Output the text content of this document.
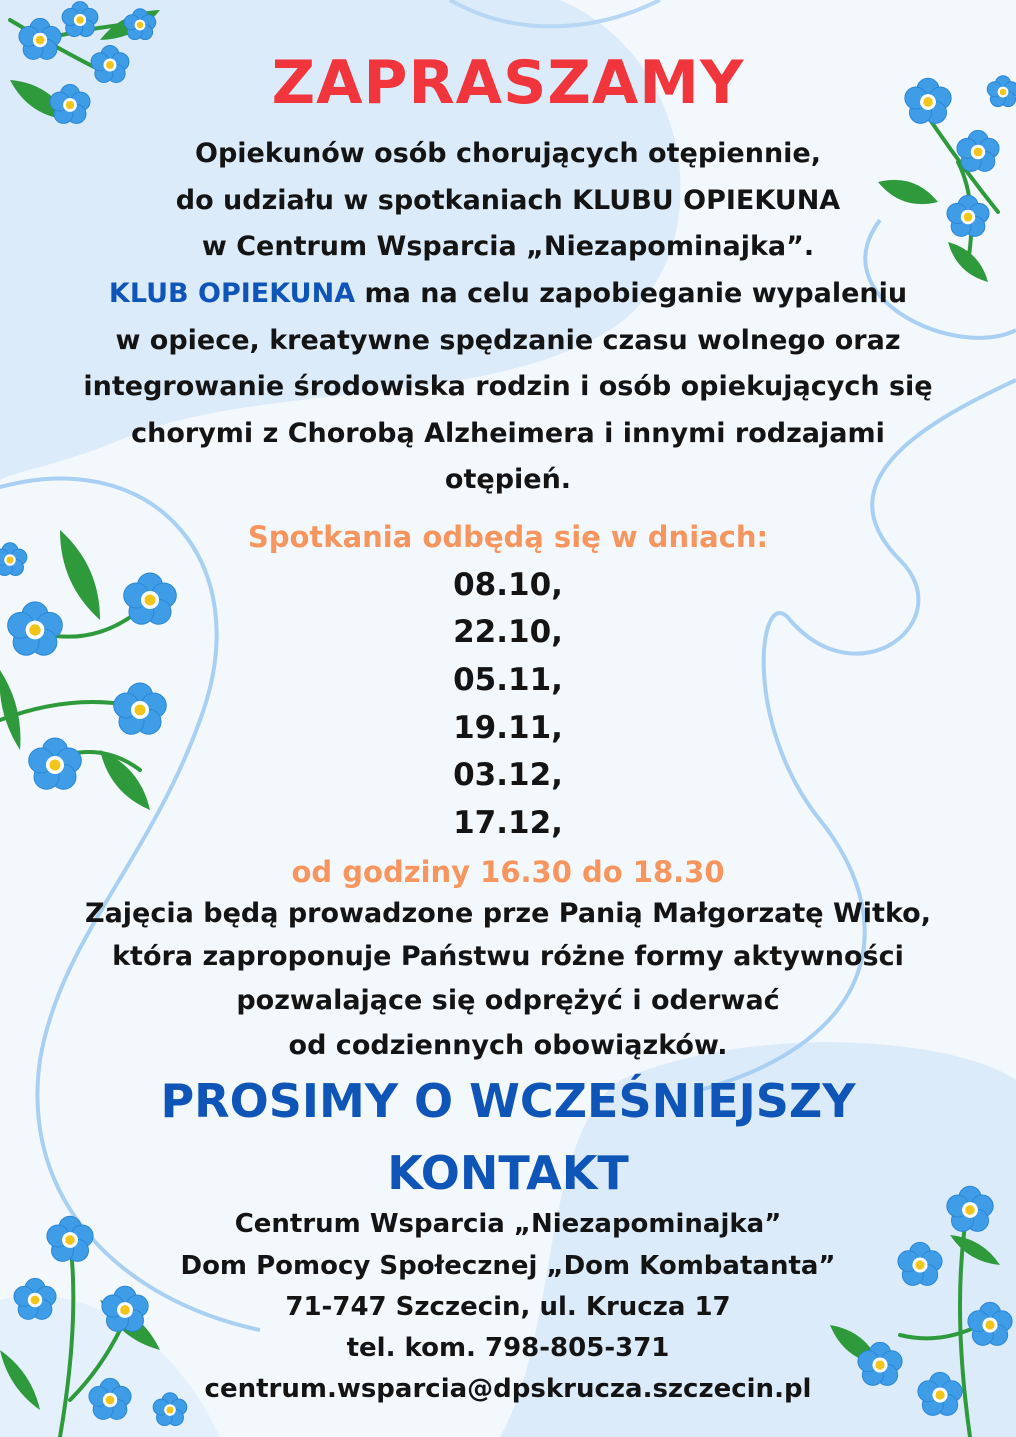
ZAPRASZAMY
Opiekunów osób chorujących otępiennie,
do udziału w spotkaniach KLUBU OPIEKUNA
w Centrum Wsparcia „Niezapominajka”.
KLUB OPIEKUNA ma na celu zapobieganie wypaleniu
w opiece, kreatywne spędzanie czasu wolnego oraz
integrowanie środowiska rodzin i osób opiekujących się
chorymi z Chorobą Alzheimera i innymi rodzajami
otępień.
Spotkania odbędą się w dniach:
08.10,
22.10,
05.11,
19.11,
03.12,
17.12,
od godziny 16.30 do 18.30
Zajęcia będą prowadzone prze Panią Małgorzatę Witko,
która zaproponuje Państwu różne formy aktywności
pozwalające się odprężyć i oderwać
od codziennych obowiązków.
PROSIMY O WCZEŚNIEJSZY
KONTAKT
Centrum Wsparcia „Niezapominajka”
Dom Pomocy Społecznej „Dom Kombatanta”
71-747 Szczecin, ul. Krucza 17
tel. kom. 798-805-371
centrum.wsparcia@dpskrucza.szczecin.pl
